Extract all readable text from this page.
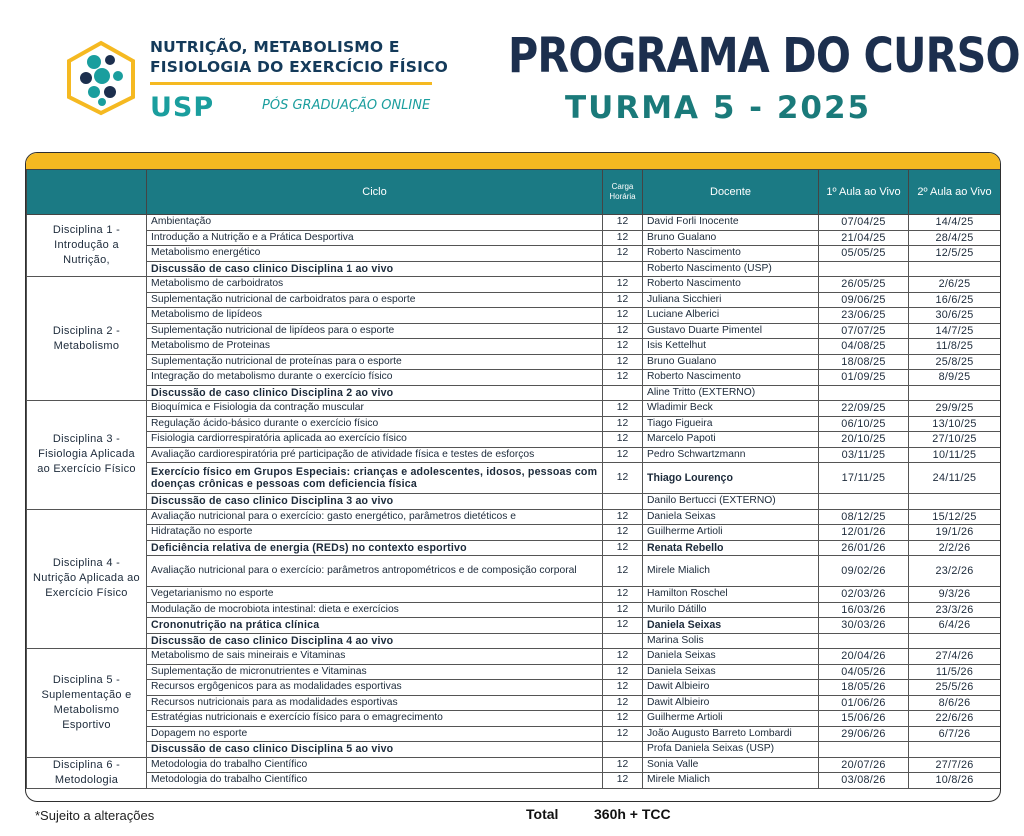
NUTRIÇÃO, METABOLISMO E
FISIOLOGIA DO EXERCÍCIO FÍSICO
USP	PÓS GRADUAÇÃO ONLINE
PROGRAMA DO CURSO
TURMA 5 - 2025
	Ciclo	Carga Horária	Docente	1º Aula ao Vivo	2º Aula ao Vivo
Disciplina 1 - Introdução a Nutrição,	Ambientação	12	David Forli Inocente	07/04/25	14/4/25
	Introdução a Nutrição e a Prática Desportiva	12	Bruno Gualano	21/04/25	28/4/25
	Metabolismo energético	12	Roberto Nascimento	05/05/25	12/5/25
	Discussão de caso clinico Disciplina 1 ao vivo		Roberto Nascimento (USP)		
Disciplina 2 - Metabolismo	Metabolismo de carboidratos	12	Roberto Nascimento	26/05/25	2/6/25
	Suplementação nutricional de carboidratos para o esporte	12	Juliana Sicchieri	09/06/25	16/6/25
	Metabolismo de lipídeos	12	Luciane Alberici	23/06/25	30/6/25
	Suplementação nutricional de lipídeos para o esporte	12	Gustavo Duarte Pimentel	07/07/25	14/7/25
	Metabolismo de Proteinas	12	Isis Kettelhut	04/08/25	11/8/25
	Suplementação nutricional de proteínas para o esporte	12	Bruno Gualano	18/08/25	25/8/25
	Integração do metabolismo durante o exercício físico	12	Roberto Nascimento	01/09/25	8/9/25
	Discussão de caso clinico Disciplina 2 ao vivo		Aline Tritto (EXTERNO)		
Disciplina 3 - Fisiologia Aplicada ao Exercício Físico	Bioquímica e Fisiologia da contração muscular	12	Wladimir Beck	22/09/25	29/9/25
	Regulação ácido-básico durante o exercício físico	12	Tiago Figueira	06/10/25	13/10/25
	Fisiologia cardiorrespiratória aplicada ao exercício físico	12	Marcelo Papoti	20/10/25	27/10/25
	Avaliação cardiorespiratória pré participação de atividade física e testes de esforços	12	Pedro Schwartzmann	03/11/25	10/11/25
	Exercício físico em Grupos Especiais: crianças e adolescentes, idosos, pessoas com doenças crônicas e pessoas com deficiencia física	12	Thiago Lourenço	17/11/25	24/11/25
	Discussão de caso clinico Disciplina 3 ao vivo		Danilo Bertucci (EXTERNO)		
Disciplina 4 - Nutrição Aplicada ao Exercício Físico	Avaliação nutricional para o exercício: gasto energético, parâmetros dietéticos e	12	Daniela Seixas	08/12/25	15/12/25
	Hidratação no esporte	12	Guilherme Artioli	12/01/26	19/1/26
	Deficiência relativa de energia (REDs) no contexto esportivo	12	Renata Rebello	26/01/26	2/2/26
	Avaliação nutricional para o exercício: parâmetros antropométricos e de composição corporal	12	Mirele Mialich	09/02/26	23/2/26
	Vegetarianismo no esporte	12	Hamilton Roschel	02/03/26	9/3/26
	Modulação de mocrobiota intestinal: dieta e exercícios	12	Murilo Dátillo	16/03/26	23/3/26
	Crononutrição na prática clínica	12	Daniela Seixas	30/03/26	6/4/26
	Discussão de caso clinico Disciplina 4 ao vivo		Marina Solis		
Disciplina 5 - Suplementação e Metabolismo Esportivo	Metabolismo de sais mineirais e Vitaminas	12	Daniela Seixas	20/04/26	27/4/26
	Suplementação de micronutrientes e Vitaminas	12	Daniela Seixas	04/05/26	11/5/26
	Recursos ergôgenicos para as modalidades esportivas	12	Dawit Albieiro	18/05/26	25/5/26
	Recursos nutricionais para as modalidades esportivas	12	Dawit Albieiro	01/06/26	8/6/26
	Estratégias nutricionais e exercício físico para o emagrecimento	12	Guilherme Artioli	15/06/26	22/6/26
	Dopagem no esporte	12	João Augusto Barreto Lombardi	29/06/26	6/7/26
	Discussão de caso clinico Disciplina 5 ao vivo		Profa Daniela Seixas (USP)		
Disciplina 6 - Metodologia	Metodologia do trabalho Científico	12	Sonia Valle	20/07/26	27/7/26
	Metodologia do trabalho Científico	12	Mirele Mialich	03/08/26	10/8/26
*Sujeito a alterações	Total	360h + TCC
